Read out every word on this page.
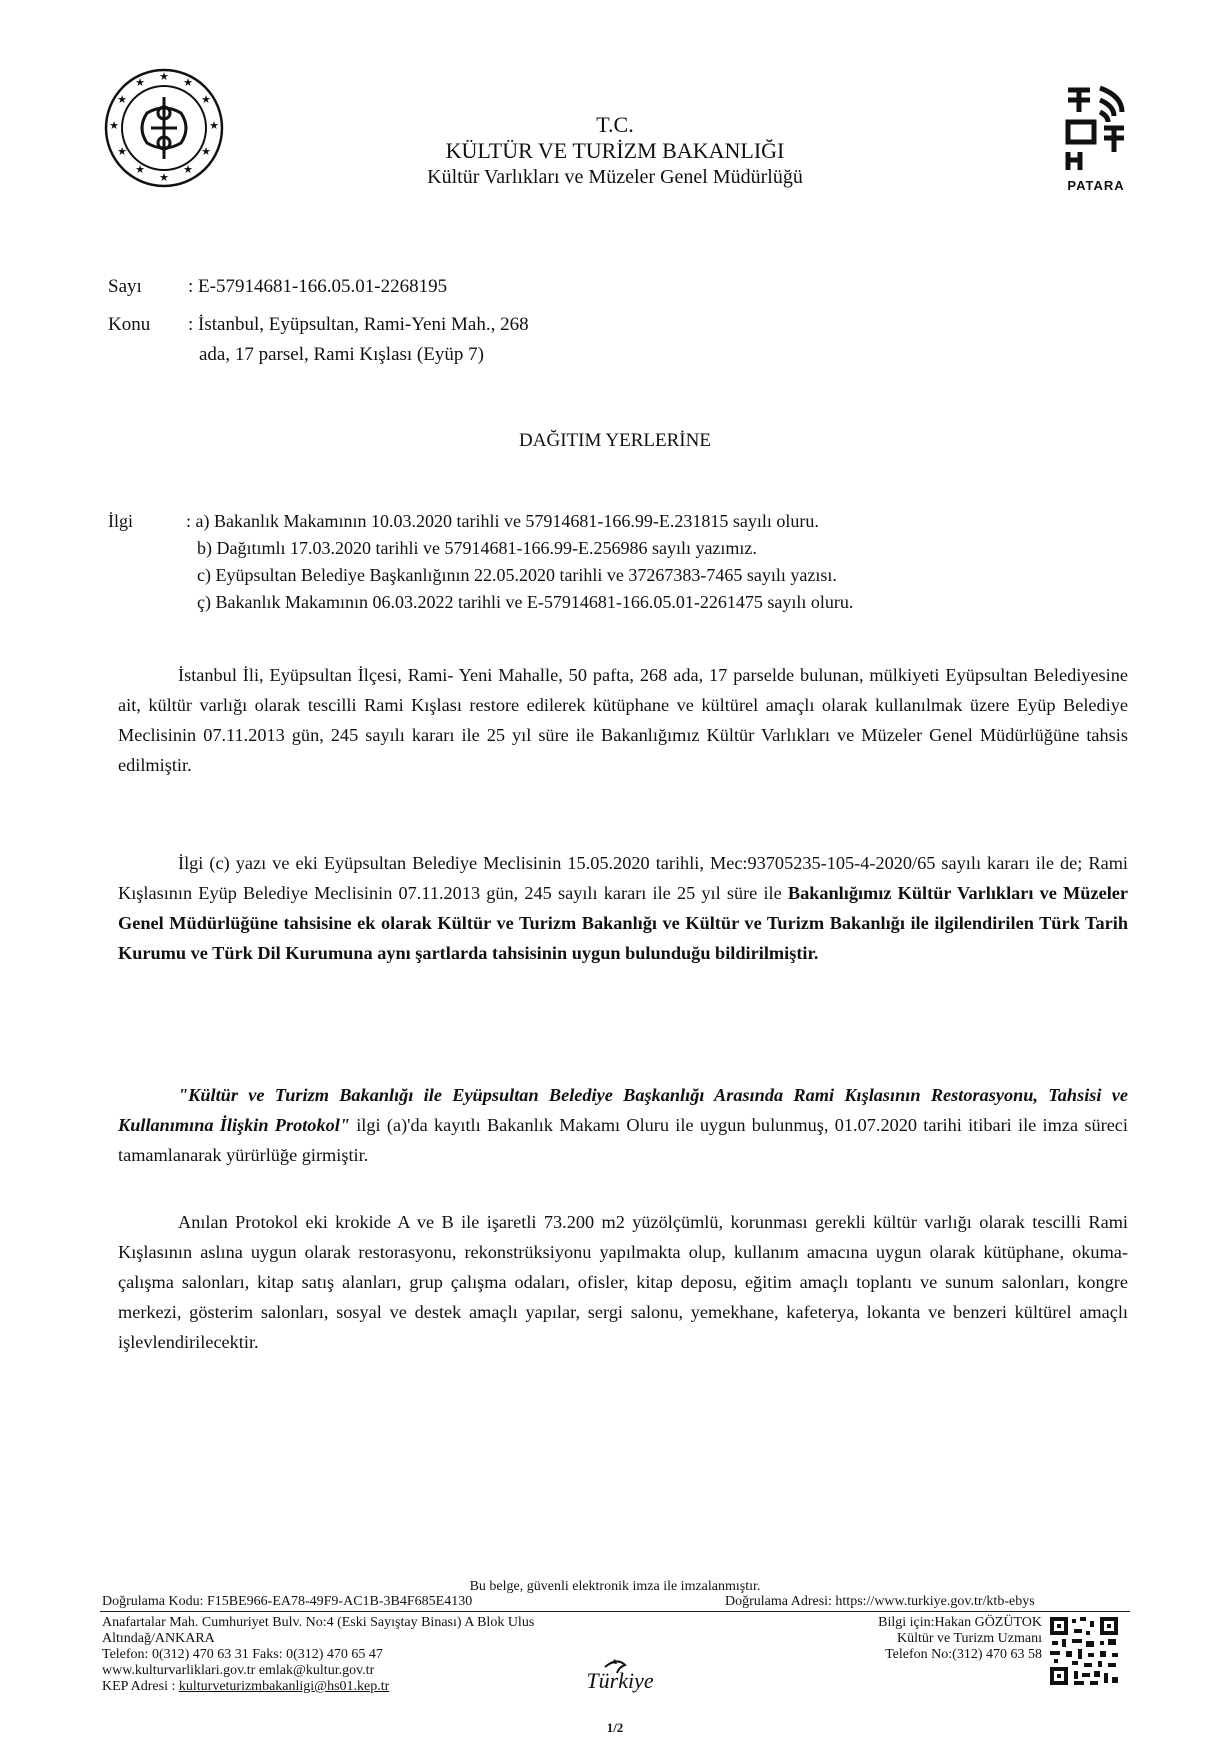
★ ★
★
★
★
★
★
★
★
★
★
★
PATARA
T.C.
KÜLTÜR VE TURİZM BAKANLIĞI
Kültür Varlıkları ve Müzeler Genel Müdürlüğü
Sayı : E-57914681-166.05.01-2268195
Konu : İstanbul, Eyüpsultan, Rami-Yeni Mah., 268
ada, 17 parsel, Rami Kışlası (Eyüp 7)
DAĞITIM YERLERİNE
İlgi	: a) Bakanlık Makamının 10.03.2020 tarihli ve 57914681-166.99-E.231815 sayılı oluru.
b) Dağıtımlı 17.03.2020 tarihli ve 57914681-166.99-E.256986 sayılı yazımız.
c) Eyüpsultan Belediye Başkanlığının 22.05.2020 tarihli ve 37267383-7465 sayılı yazısı.
ç) Bakanlık Makamının 06.03.2022 tarihli ve E-57914681-166.05.01-2261475 sayılı oluru.

İstanbul İli, Eyüpsultan İlçesi, Rami- Yeni Mahalle, 50 pafta, 268 ada, 17 parselde bulunan, mülkiyeti Eyüpsultan Belediyesine ait, kültür varlığı olarak tescilli Rami Kışlası restore edilerek kütüphane ve kültürel amaçlı olarak kullanılmak üzere Eyüp Belediye Meclisinin 07.11.2013 gün, 245 sayılı kararı ile 25 yıl süre ile Bakanlığımız Kültür Varlıkları ve Müzeler Genel Müdürlüğüne tahsis edilmiştir.

İlgi (c) yazı ve eki Eyüpsultan Belediye Meclisinin 15.05.2020 tarihli, Mec:93705235-105-4-2020/65 sayılı kararı ile de; Rami Kışlasının Eyüp Belediye Meclisinin 07.11.2013 gün, 245 sayılı kararı ile 25 yıl süre ile Bakanlığımız Kültür Varlıkları ve Müzeler Genel Müdürlüğüne tahsisine ek olarak Kültür ve Turizm Bakanlığı ve Kültür ve Turizm Bakanlığı ile ilgilendirilen Türk Tarih Kurumu ve Türk Dil Kurumuna aynı şartlarda tahsisinin uygun bulunduğu bildirilmiştir.

"Kültür ve Turizm Bakanlığı ile Eyüpsultan Belediye Başkanlığı Arasında Rami Kışlasının Restorasyonu, Tahsisi ve Kullanımına İlişkin Protokol" ilgi (a)'da kayıtlı Bakanlık Makamı Oluru ile uygun bulunmuş, 01.07.2020 tarihi itibari ile imza süreci tamamlanarak yürürlüğe girmiştir.

Anılan Protokol eki krokide A ve B ile işaretli 73.200 m2 yüzölçümlü, korunması gerekli kültür varlığı olarak tescilli Rami Kışlasının aslına uygun olarak restorasyonu, rekonstrüksiyonu yapılmakta olup, kullanım amacına uygun olarak kütüphane, okuma-çalışma salonları, kitap satış alanları, grup çalışma odaları, ofisler, kitap deposu, eğitim amaçlı toplantı ve sunum salonları, kongre merkezi, gösterim salonları, sosyal ve destek amaçlı yapılar, sergi salonu, yemekhane, kafeterya, lokanta ve benzeri kültürel amaçlı işlevlendirilecektir.

Bu belge, güvenli elektronik imza ile imzalanmıştır.
Doğrulama Kodu: F15BE966-EA78-49F9-AC1B-3B4F685E4130	Doğrulama Adresi: https://www.turkiye.gov.tr/ktb-ebys
Anafartalar Mah. Cumhuriyet Bulv. No:4 (Eski Sayıştay Binası) A Blok Ulus
Altındağ/ANKARA
Telefon: 0(312) 470 63 31 Faks: 0(312) 470 65 47
www.kulturvarliklari.gov.tr emlak@kultur.gov.tr
KEP Adresi : kulturveturizmbakanligi@hs01.kep.tr
Bilgi için:Hakan GÖZÜTOK
Kültür ve Turizm Uzmanı
Telefon No:(312) 470 63 58
Türkiye
1/2
